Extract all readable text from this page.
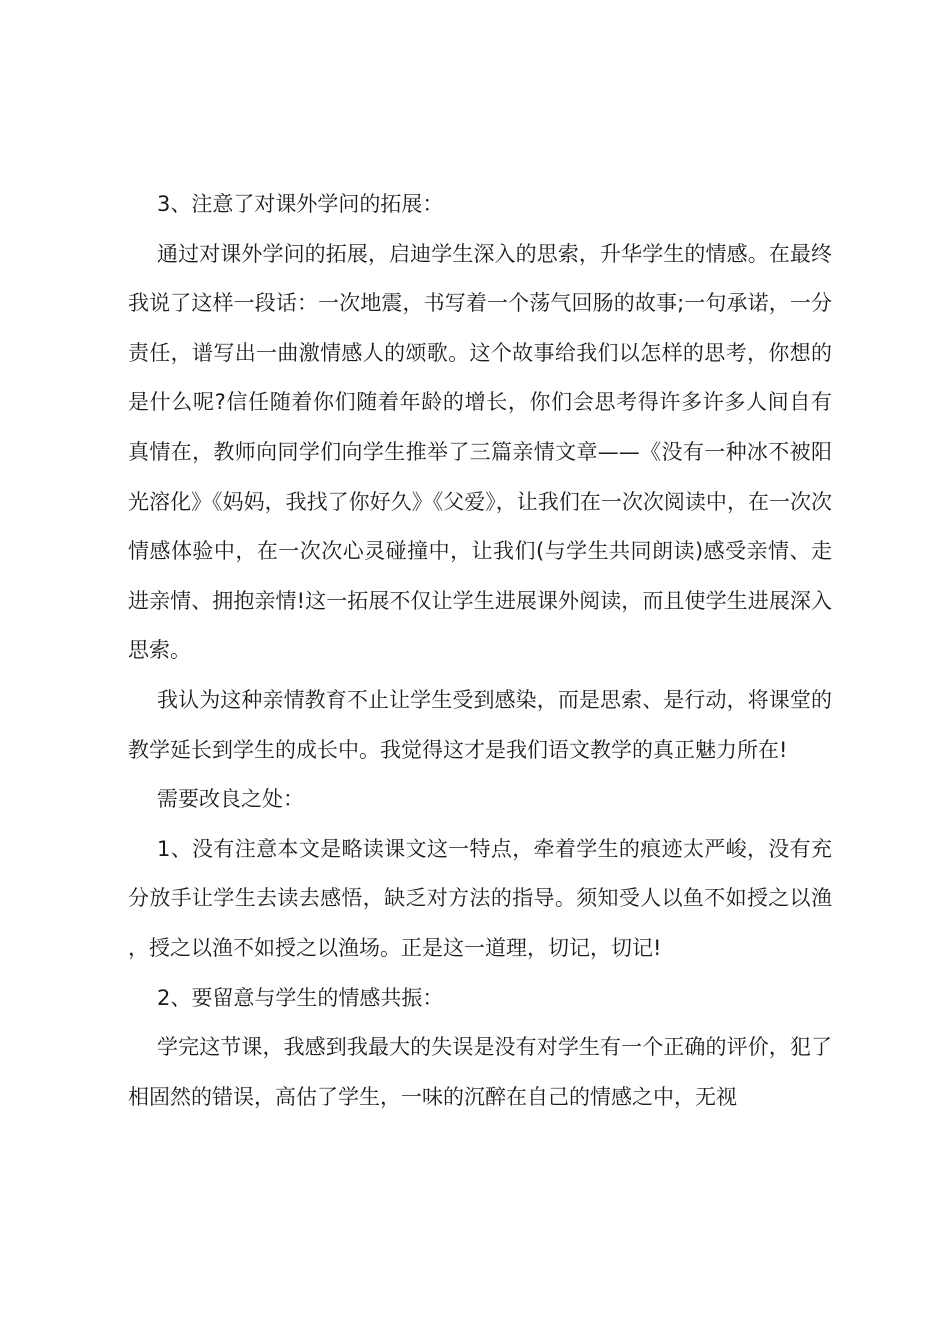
3、注意了对课外学问的拓展：

通过对课外学问的拓展，启迪学生深入的思索，升华学生的情感。在最终我说了这样一段话：一次地震，书写着一个荡气回肠的故事;一句承诺，一分责任，谱写出一曲激情感人的颂歌。这个故事给我们以怎样的思考，你想的是什么呢?信任随着你们随着年龄的增长，你们会思考得许多许多人间自有真情在，教师向同学们向学生推举了三篇亲情文章——《没有一种冰不被阳光溶化》《妈妈，我找了你好久》《父爱》，让我们在一次次阅读中，在一次次情感体验中，在一次次心灵碰撞中，让我们(与学生共同朗读)感受亲情、走进亲情、拥抱亲情!这一拓展不仅让学生进展课外阅读，而且使学生进展深入思索。

我认为这种亲情教育不止让学生受到感染，而是思索、是行动，将课堂的教学延长到学生的成长中。我觉得这才是我们语文教学的真正魅力所在!

需要改良之处：

1、没有注意本文是略读课文这一特点，牵着学生的痕迹太严峻，没有充分放手让学生去读去感悟，缺乏对方法的指导。须知受人以鱼不如授之以渔，授之以渔不如授之以渔场。正是这一道理，切记，切记!

2、要留意与学生的情感共振：

学完这节课，我感到我最大的失误是没有对学生有一个正确的评价，犯了相固然的错误，高估了学生，一味的沉醉在自己的情感之中，无视
